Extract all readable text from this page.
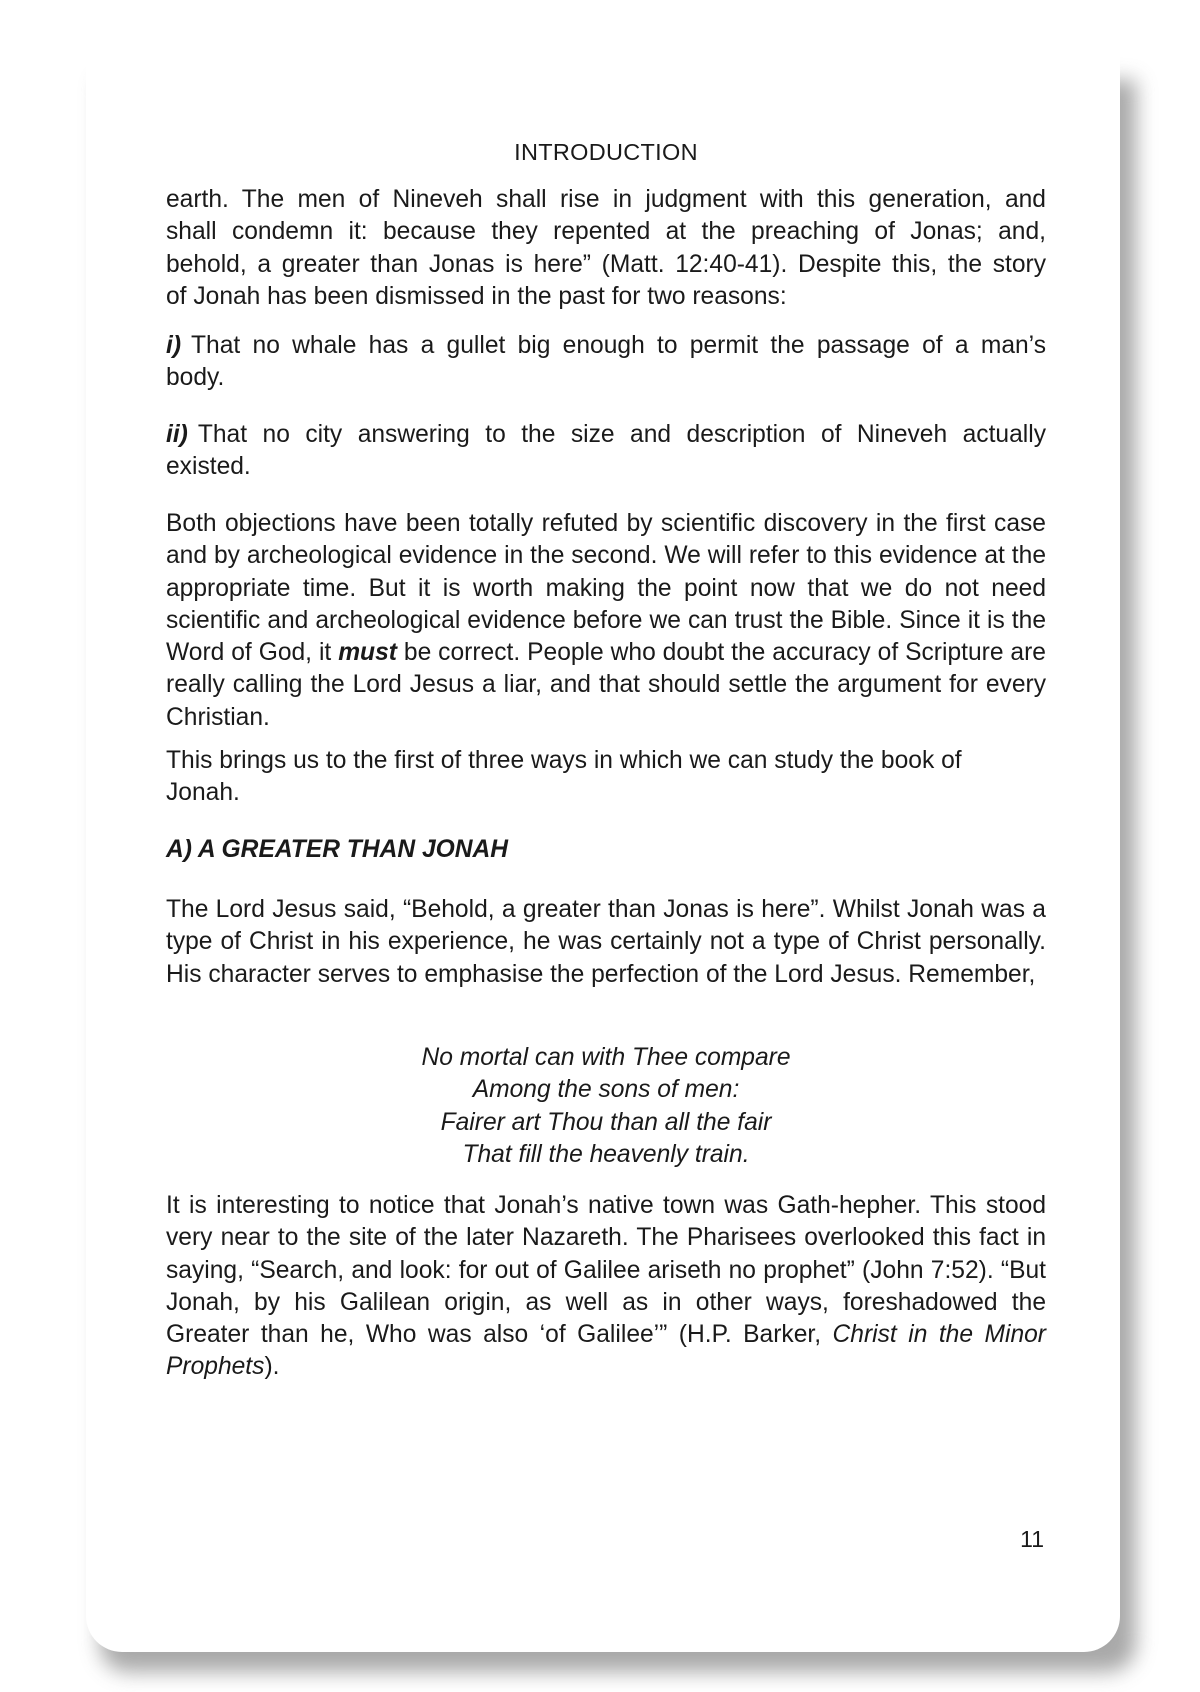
INTRODUCTION

earth. The men of Nineveh shall rise in judgment with this generation, and

shall condemn it: because they repented at the preaching of Jonas; and,

behold, a greater than Jonas is here” (Matt. 12:40-41). Despite this, the story

of Jonah has been dismissed in the past for two reasons:

i) That no whale has a gullet big enough to permit the passage of a man’s

body.

ii) That no city answering to the size and description of Nineveh actually

existed.

Both objections have been totally refuted by scientific discovery in the first case and by archeological evidence in the second. We will refer to this evidence at the appropriate time. But it is worth making the point now that we do not need scientific and archeological evidence before we can trust the Bible. Since it is the Word of God, it must be correct. People who doubt the accuracy of Scripture are really calling the Lord Jesus a liar, and that should settle the argument for every Christian.

This brings us to the first of three ways in which we can study the book of

Jonah.

A) A GREATER THAN JONAH

The Lord Jesus said, “Behold, a greater than Jonas is here”. Whilst Jonah was a type of Christ in his experience, he was certainly not a type of Christ personally. His character serves to emphasise the perfection of the Lord Jesus. Remember,

No mortal can with Thee compare
Among the sons of men:
Fairer art Thou than all the fair
That fill the heavenly train.

It is interesting to notice that Jonah’s native town was Gath-hepher. This stood very near to the site of the later Nazareth. The Pharisees overlooked this fact in saying, “Search, and look: for out of Galilee ariseth no prophet” (John 7:52). “But Jonah, by his Galilean origin, as well as in other ways, foreshadowed the Greater than he, Who was also ‘of Galilee’” (H.P. Barker, Christ in the Minor Prophets).

11
